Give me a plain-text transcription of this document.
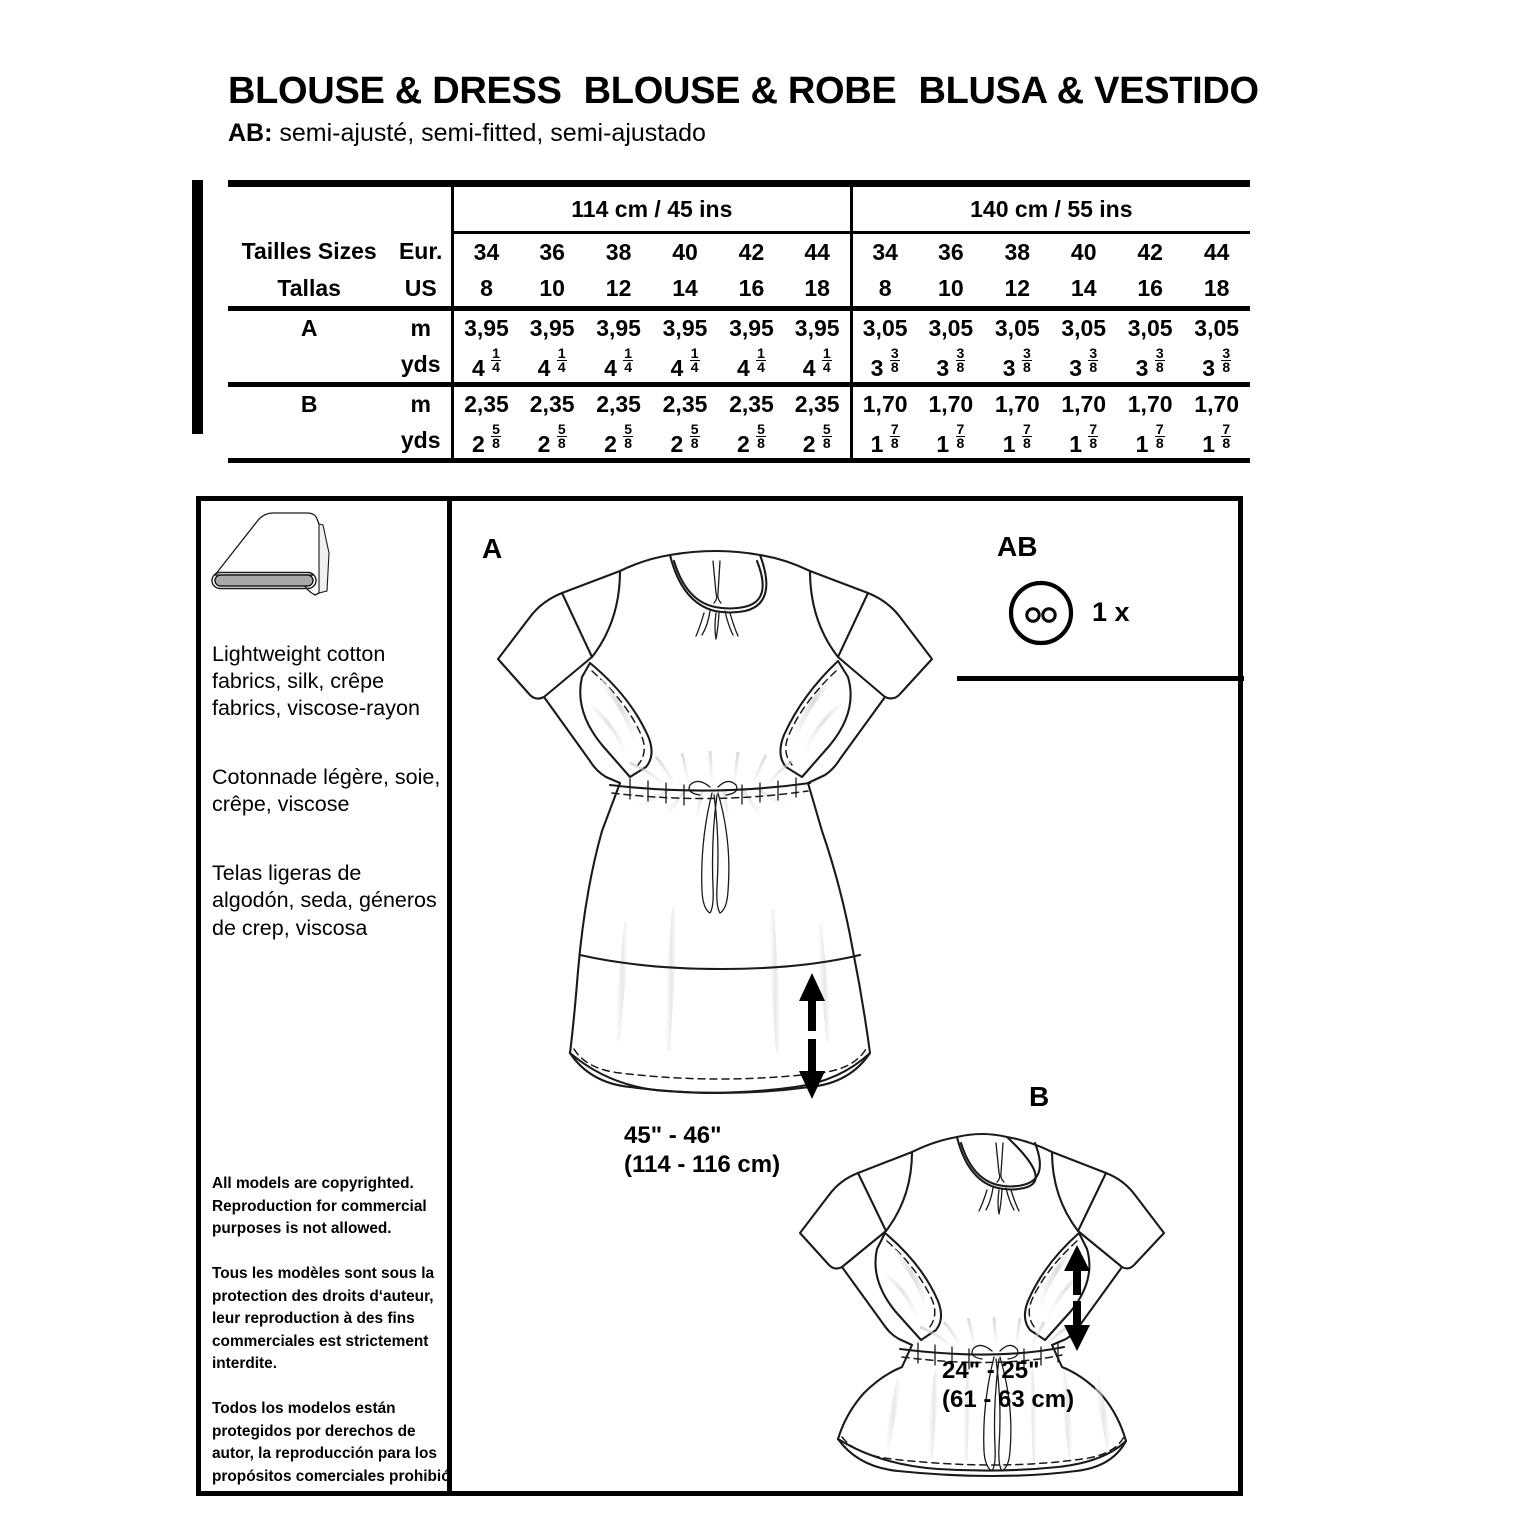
BLOUSE & DRESS BLOUSE & ROBE BLUSA & VESTIDO
AB: semi-ajusté, semi-fitted, semi-ajustado
		114 cm / 45 ins						140 cm / 55 ins					
Tailles Sizes	Eur.	34	36	38	40	42	44	34	36	38	40	42	44
Tallas	US	8	10	12	14	16	18	8	10	12	14	16	18
A	m	3,95	3,95	3,95	3,95	3,95	3,95	3,05	3,05	3,05	3,05	3,05	3,05
	yds	$4 \frac{1}{4}$	$4 \frac{1}{4}$	$4 \frac{1}{4}$	$4 \frac{1}{4}$	$4 \frac{1}{4}$	$4 \frac{1}{4}$	$3 \frac{3}{8}$	$3 \frac{3}{8}$	$3 \frac{3}{8}$	$3 \frac{3}{8}$	$3 \frac{3}{8}$	$3 \frac{3}{8}$

B	m	2,35	2,35	2,35	2,35	2,35	2,35	1,70	1,70	1,70	1,70	1,70	1,70
	yds	$2 \frac{5}{8}$	$2 \frac{5}{8}$	$2 \frac{5}{8}$	$2 \frac{5}{8}$	$2 \frac{5}{8}$	$2 \frac{5}{8}$	$1 \frac{7}{8}$	$1 \frac{7}{8}$	$1 \frac{7}{8}$	$1 \frac{7}{8}$	$1 \frac{7}{8}$	$1 \frac{7}{8}$
Lightweight cotton fabrics, silk, crêpe fabrics, viscose-rayon
Cotonnade légère, soie, crêpe, viscose
Telas ligeras de algodón, seda, géneros de crep, viscosa
All models are copyrighted. Reproduction for commercial purposes is not allowed.
Tous les modèles sont sous la protection des droits d‘auteur, leur reproduction à des fins commerciales est strictement interdite.
Todos los modelos están protegidos por derechos de autor, la reproducción para los propósitos comerciales prohibió
A
B
AB
1 x
45" - 46"
(114 - 116 cm)
24" - 25"
(61 - 63 cm)
